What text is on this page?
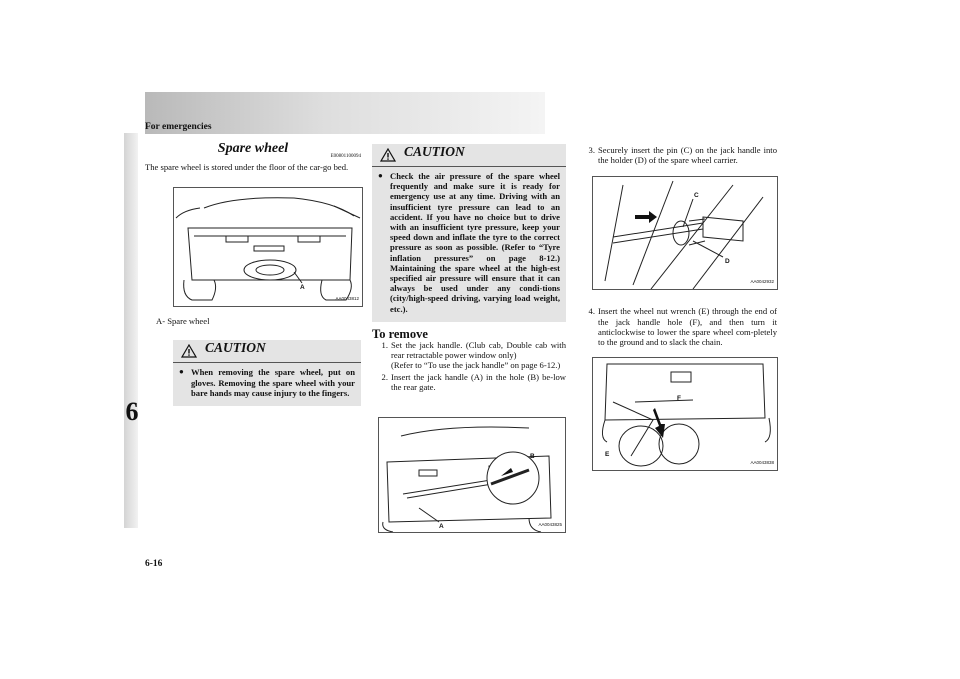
For emergencies
6
6-16
Spare wheel
E00801100094

The spare wheel is stored under the floor of the car-go bed.

A
AA0043812

A- Spare wheel

CAUTION
● When removing the spare wheel, put on gloves. Removing the spare wheel with your bare hands may cause injury to the fingers.

CAUTION
● Check the air pressure of the spare wheel frequently and make sure it is ready for emergency use at any time. Driving with an insufficient tyre pressure can lead to an accident. If you have no choice but to drive with an insufficient tyre pressure, keep your speed down and inflate the tyre to the correct pressure as soon as possible. (Refer to “Tyre inflation pressures” on page 8-12.) Maintaining the spare wheel at the high-est specified air pressure will ensure that it can always be used under any condi-tions (city/high-speed driving, varying load weight, etc.).

To remove
1. Set the jack handle. (Club cab, Double cab with rear retractable power window only)
(Refer to “To use the jack handle” on page 6-12.)

2. Insert the jack handle (A) in the hole (B) be-low the rear gate.

B
A	AA0043825
3. Securely insert the pin (C) on the jack handle into the holder (D) of the spare wheel carrier.

C
D
AA0042932
4. Insert the wheel nut wrench (E) through the end of the jack handle hole (F), and then turn it anticlockwise to lower the spare wheel com-pletely to the ground and to slack the chain.

F
E
AA0043838
